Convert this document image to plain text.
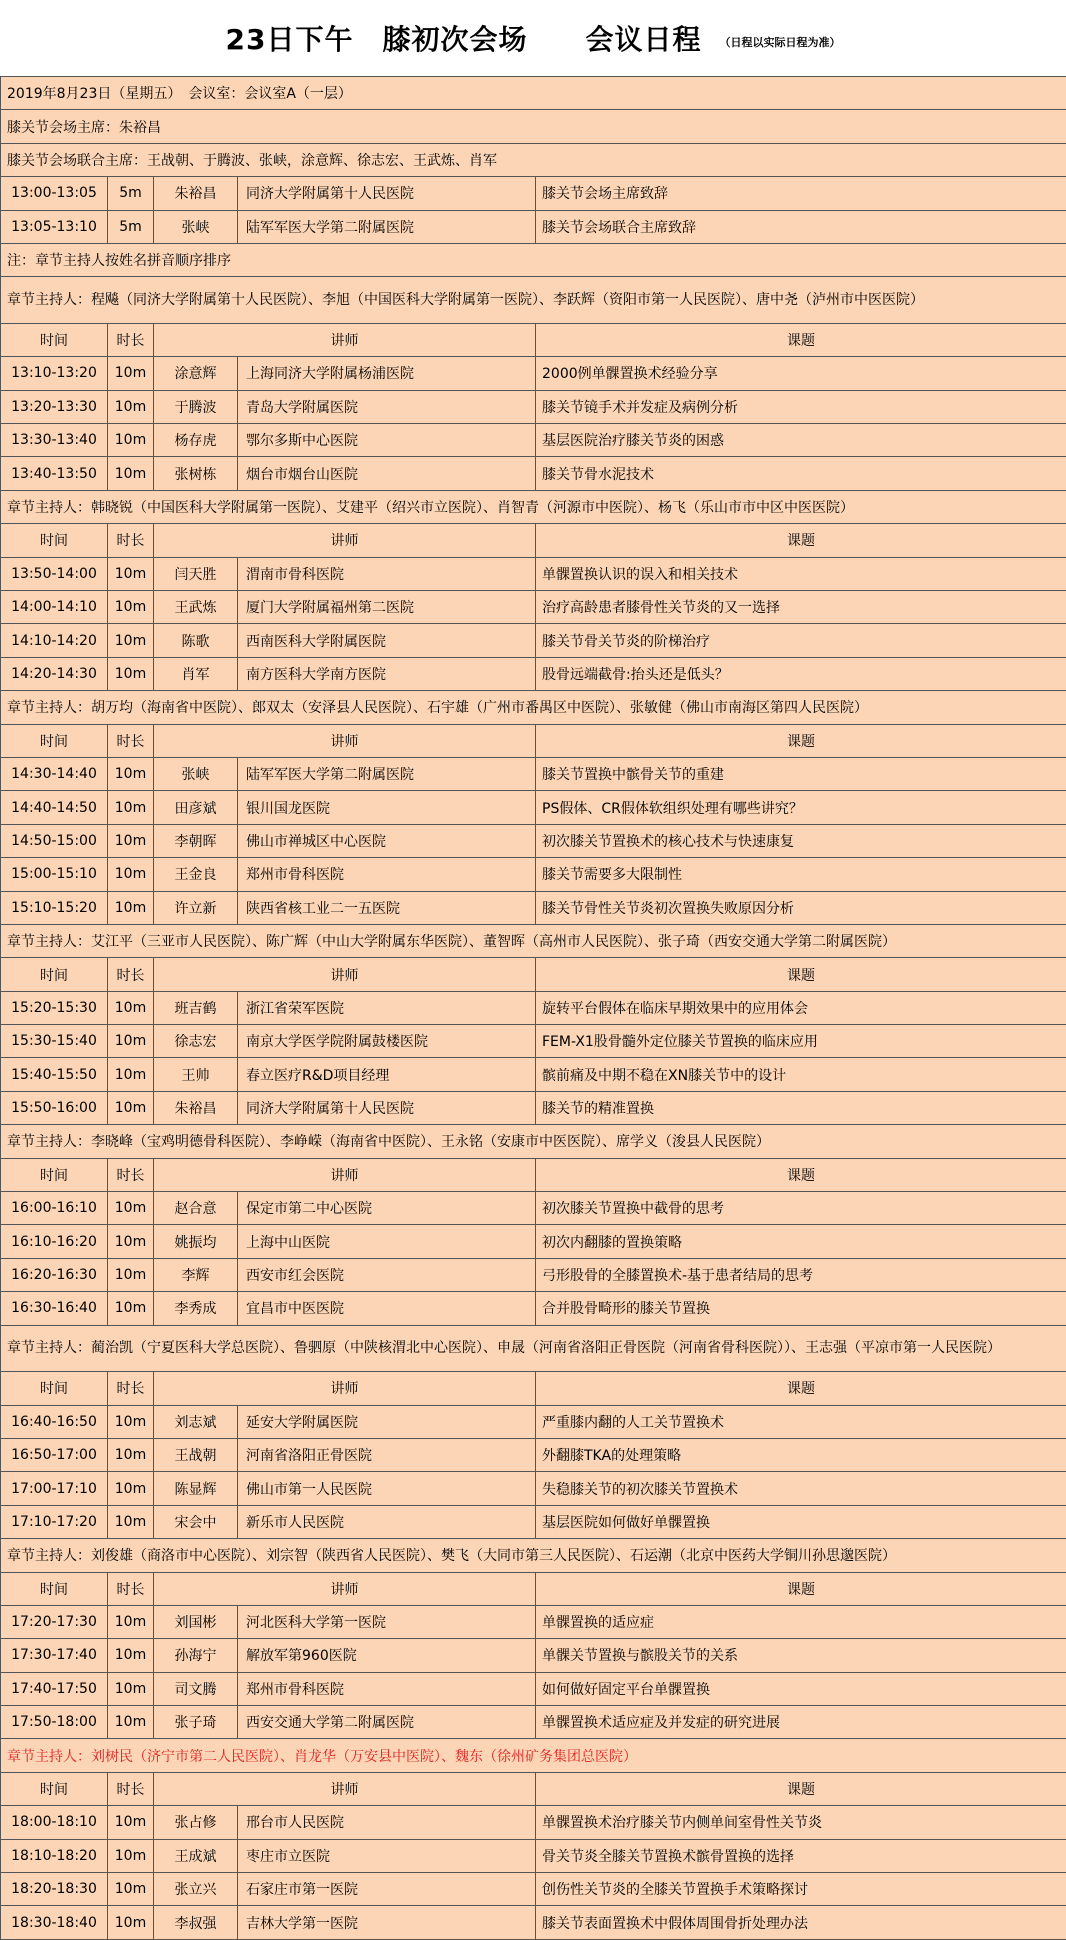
23日下午　膝初次会场　　会议日程 （日程以实际日程为准）
2019年8月23日（星期五）　会议室：会议室A（一层）				
膝关节会场主席：朱裕昌				
膝关节会场联合主席：王战朝、于腾波、张峡，涂意辉、徐志宏、王武炼、肖军				
13:00-13:05	5m	朱裕昌	同济大学附属第十人民医院	膝关节会场主席致辞
13:05-13:10	5m	张峡	陆军军医大学第二附属医院	膝关节会场联合主席致辞
注：章节主持人按姓名拼音顺序排序				
章节主持人：程飚（同济大学附属第十人民医院）、李旭（中国医科大学附属第一医院）、李跃辉（资阳市第一人民医院）、唐中尧（泸州市中医医院）				
时间	时长	讲师		课题
13:10-13:20	10m	涂意辉	上海同济大学附属杨浦医院	2000例单髁置换术经验分享
13:20-13:30	10m	于腾波	青岛大学附属医院	膝关节镜手术并发症及病例分析
13:30-13:40	10m	杨存虎	鄂尔多斯中心医院	基层医院治疗膝关节炎的困惑
13:40-13:50	10m	张树栋	烟台市烟台山医院	膝关节骨水泥技术
章节主持人：韩晓锐（中国医科大学附属第一医院）、艾建平（绍兴市立医院）、肖智青（河源市中医院）、杨飞（乐山市市中区中医医院）				
时间	时长	讲师		课题
13:50-14:00	10m	闫天胜	渭南市骨科医院	单髁置换认识的误入和相关技术
14:00-14:10	10m	王武炼	厦门大学附属福州第二医院	治疗高龄患者膝骨性关节炎的又一选择
14:10-14:20	10m	陈歌	西南医科大学附属医院	膝关节骨关节炎的阶梯治疗
14:20-14:30	10m	肖军	南方医科大学南方医院	股骨远端截骨:抬头还是低头？
章节主持人：胡万均（海南省中医院）、郎双太（安泽县人民医院）、石宇雄（广州市番禺区中医院）、张敏健（佛山市南海区第四人民医院）				
时间	时长	讲师		课题
14:30-14:40	10m	张峡	陆军军医大学第二附属医院	膝关节置换中髌骨关节的重建
14:40-14:50	10m	田彦斌	银川国龙医院	PS假体、CR假体软组织处理有哪些讲究？
14:50-15:00	10m	李朝晖	佛山市禅城区中心医院	初次膝关节置换术的核心技术与快速康复
15:00-15:10	10m	王金良	郑州市骨科医院	膝关节需要多大限制性
15:10-15:20	10m	许立新	陕西省核工业二一五医院	膝关节骨性关节炎初次置换失败原因分析
章节主持人：艾江平（三亚市人民医院）、陈广辉（中山大学附属东华医院）、董智晖（高州市人民医院）、张子琦（西安交通大学第二附属医院）				
时间	时长	讲师		课题
15:20-15:30	10m	班吉鹤	浙江省荣军医院	旋转平台假体在临床早期效果中的应用体会
15:30-15:40	10m	徐志宏	南京大学医学院附属鼓楼医院	FEM-X1股骨髓外定位膝关节置换的临床应用
15:40-15:50	10m	王帅	春立医疗R&D项目经理	髌前痛及中期不稳在XN膝关节中的设计
15:50-16:00	10m	朱裕昌	同济大学附属第十人民医院	膝关节的精准置换
章节主持人：李晓峰（宝鸡明德骨科医院）、李峥嵘（海南省中医院）、王永铭（安康市中医医院）、席学义（浚县人民医院）				
时间	时长	讲师		课题
16:00-16:10	10m	赵合意	保定市第二中心医院	初次膝关节置换中截骨的思考
16:10-16:20	10m	姚振均	上海中山医院	初次内翻膝的置换策略
16:20-16:30	10m	李辉	西安市红会医院	弓形股骨的全膝置换术-基于患者结局的思考
16:30-16:40	10m	李秀成	宜昌市中医医院	合并股骨畸形的膝关节置换
章节主持人：蔺治凯（宁夏医科大学总医院）、鲁驷原（中陕核渭北中心医院）、申晟（河南省洛阳正骨医院（河南省骨科医院））、王志强（平凉市第一人民医院）				
时间	时长	讲师		课题
16:40-16:50	10m	刘志斌	延安大学附属医院	严重膝内翻的人工关节置换术
16:50-17:00	10m	王战朝	河南省洛阳正骨医院	外翻膝TKA的处理策略
17:00-17:10	10m	陈显辉	佛山市第一人民医院	失稳膝关节的初次膝关节置换术
17:10-17:20	10m	宋会中	新乐市人民医院	基层医院如何做好单髁置换
章节主持人：刘俊雄（商洛市中心医院）、刘宗智（陕西省人民医院）、樊飞（大同市第三人民医院）、石运潮（北京中医药大学铜川孙思邈医院）				
时间	时长	讲师		课题
17:20-17:30	10m	刘国彬	河北医科大学第一医院	单髁置换的适应症
17:30-17:40	10m	孙海宁	解放军第960医院	单髁关节置换与髌股关节的关系
17:40-17:50	10m	司文腾	郑州市骨科医院	如何做好固定平台单髁置换
17:50-18:00	10m	张子琦	西安交通大学第二附属医院	单髁置换术适应症及并发症的研究进展
章节主持人：刘树民（济宁市第二人民医院）、肖龙华（万安县中医院）、魏东（徐州矿务集团总医院）				
时间	时长	讲师		课题
18:00-18:10	10m	张占修	邢台市人民医院	单髁置换术治疗膝关节内侧单间室骨性关节炎
18:10-18:20	10m	王成斌	枣庄市立医院	骨关节炎全膝关节置换术髌骨置换的选择
18:20-18:30	10m	张立兴	石家庄市第一医院	创伤性关节炎的全膝关节置换手术策略探讨
18:30-18:40	10m	李叔强	吉林大学第一医院	膝关节表面置换术中假体周围骨折处理办法
